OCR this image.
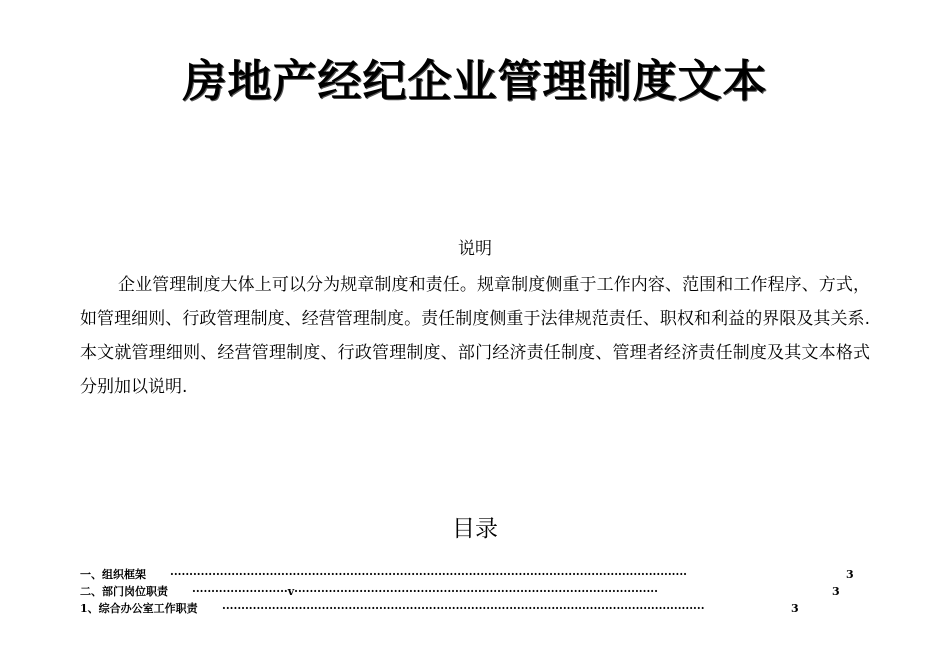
房地产经纪企业管理制度文本
说明
企业管理制度大体上可以分为规章制度和责任。规章制度侧重于工作内容、范围和工作程序、方式，如管理细则、行政管理制度、经营管理制度。责任制度侧重于法律规范责任、职权和利益的界限及其关系.本文就管理细则、经营管理制度、行政管理制度、部门经济责任制度、管理者经济责任制度及其文本格式分别加以说明.
目录
一、组织框架 ·······································································································································	3
二、部门岗位职责 ·························v·······························································································	3
1、综合办公室工作职责 ······························································································································	3
